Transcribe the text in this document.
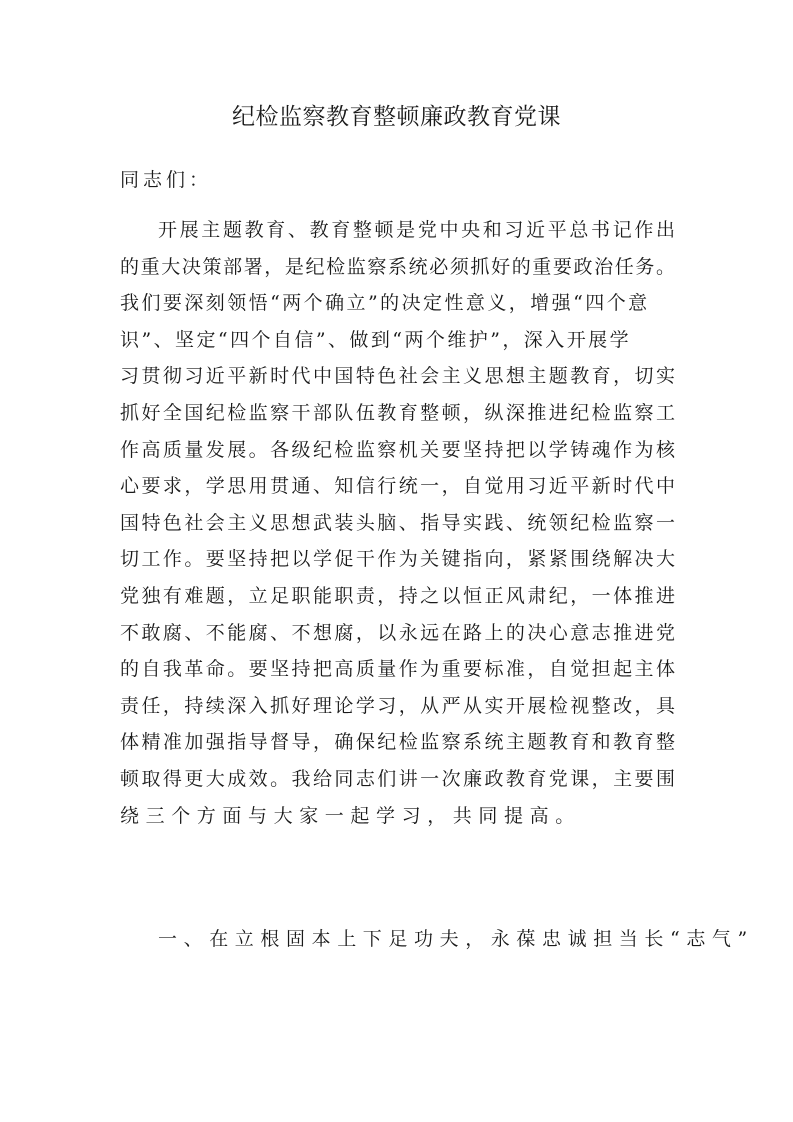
纪检监察教育整顿廉政教育党课
同志们：
开展主题教育、教育整顿是党中央和习近平总书记作出
的重大决策部署，是纪检监察系统必须抓好的重要政治任务。
我们要深刻领悟“两个确立”的决定性意义，增强“四个意
识”、坚定“四个自信”、做到“两个维护”，深入开展学
习贯彻习近平新时代中国特色社会主义思想主题教育，切实
抓好全国纪检监察干部队伍教育整顿，纵深推进纪检监察工
作高质量发展。各级纪检监察机关要坚持把以学铸魂作为核
心要求，学思用贯通、知信行统一，自觉用习近平新时代中
国特色社会主义思想武装头脑、指导实践、统领纪检监察一
切工作。要坚持把以学促干作为关键指向，紧紧围绕解决大
党独有难题，立足职能职责，持之以恒正风肃纪，一体推进
不敢腐、不能腐、不想腐，以永远在路上的决心意志推进党
的自我革命。要坚持把高质量作为重要标准，自觉担起主体
责任，持续深入抓好理论学习，从严从实开展检视整改，具
体精准加强指导督导，确保纪检监察系统主题教育和教育整
顿取得更大成效。我给同志们讲一次廉政教育党课，主要围
绕三个方面与大家一起学习，共同提高。
一、在立根固本上下足功夫，永葆忠诚担当长“志气”
